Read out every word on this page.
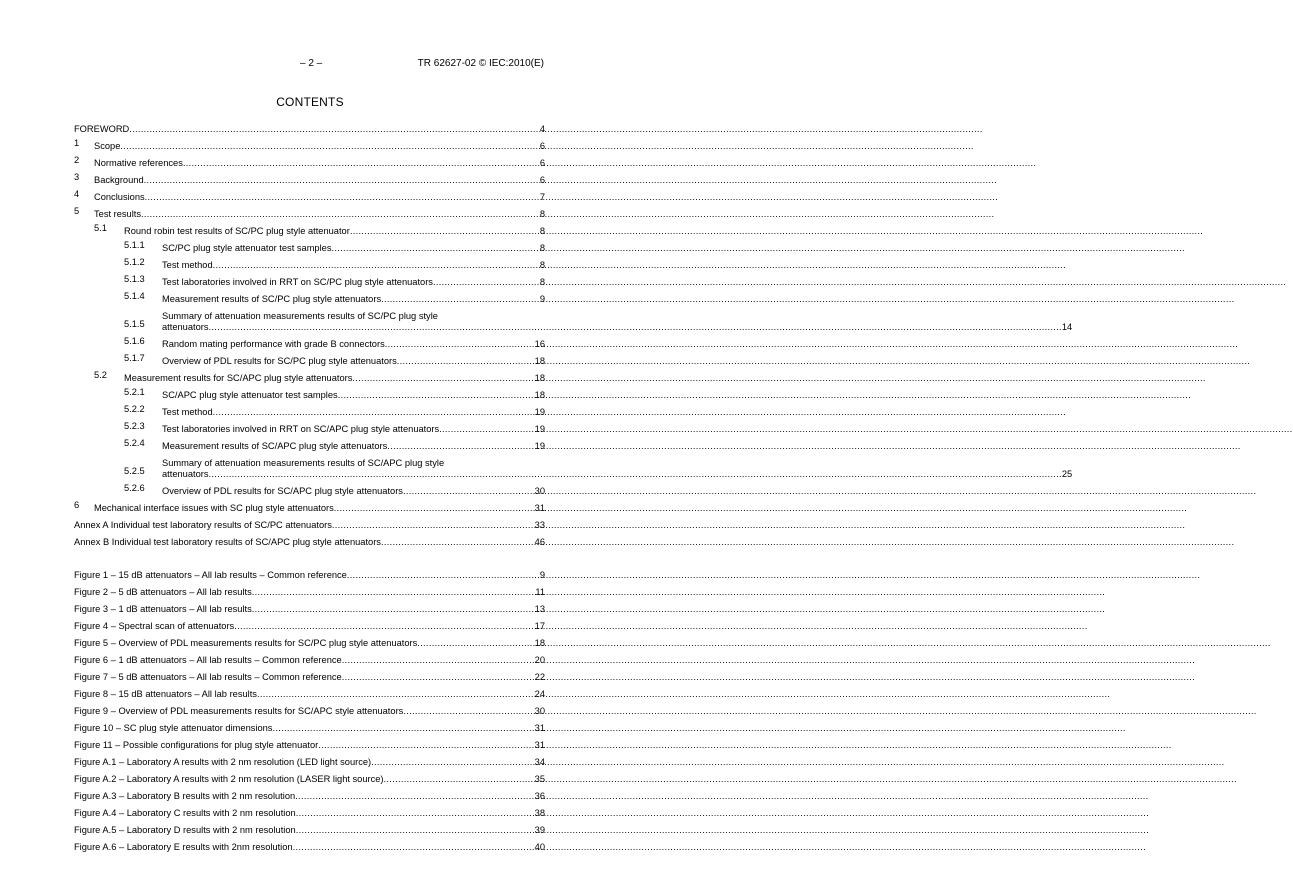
– 2 –	TR 62627-02 © IEC:2010(E)
CONTENTS
FOREWORD .....	4
1 Scope .....	6
2 Normative references .....	6
3 Background .....	6
4 Conclusions .....	7
5 Test results .....	8
5.1 Round robin test results of SC/PC plug style attenuator .....	8
5.1.1 SC/PC plug style attenuator test samples .....	8
5.1.2 Test method .....	8
5.1.3 Test laboratories involved in RRT on SC/PC plug style attenuators .....	8
5.1.4 Measurement results of SC/PC plug style attenuators .....	9
5.1.5
Summary of attenuation measurements results of SC/PC plug style
attenuators .....	14
5.1.6 Random mating performance with grade B connectors .....	16
5.1.7 Overview of PDL results for SC/PC plug style attenuators .....	18
5.2 Measurement results for SC/APC plug style attenuators .....	18
5.2.1 SC/APC plug style attenuator test samples .....	18
5.2.2 Test method .....	19
5.2.3 Test laboratories involved in RRT on SC/APC plug style attenuators .....	19
5.2.4 Measurement results of SC/APC plug style attenuators .....	19
5.2.5
Summary of attenuation measurements results of SC/APC plug style
attenuators .....	25
5.2.6 Overview of PDL results for SC/APC plug style attenuators .....	30
6 Mechanical interface issues with SC plug style attenuators .....	31
Annex A Individual test laboratory results of SC/PC attenuators .....	33
Annex B Individual test laboratory results of SC/APC plug style attenuators .....	46
Figure 1 – 15 dB attenuators – All lab results – Common reference .....	9
Figure 2 – 5 dB attenuators – All lab results .....	11
Figure 3 – 1 dB attenuators – All lab results .....	13
Figure 4 – Spectral scan of attenuators .....	17
Figure 5 – Overview of PDL measurements results for SC/PC plug style attenuators .....	18
Figure 6 – 1 dB attenuators – All lab results – Common reference .....	20
Figure 7 – 5 dB attenuators – All lab results – Common reference .....	22
Figure 8 – 15 dB attenuators – All lab results .....	24
Figure 9 – Overview of PDL measurements results for SC/APC style attenuators .....	30
Figure 10 – SC plug style attenuator dimensions .....	31
Figure 11 – Possible configurations for plug style attenuator .....	31
Figure A.1 – Laboratory A results with 2 nm resolution (LED light source) .....	34
Figure A.2 – Laboratory A results with 2 nm resolution (LASER light source) .....	35
Figure A.3 – Laboratory B results with 2 nm resolution .....	36
Figure A.4 – Laboratory C results with 2 nm resolution .....	38
Figure A.5 – Laboratory D results with 2 nm resolution .....	39
Figure A.6 – Laboratory E results with 2nm resolution .....	40
